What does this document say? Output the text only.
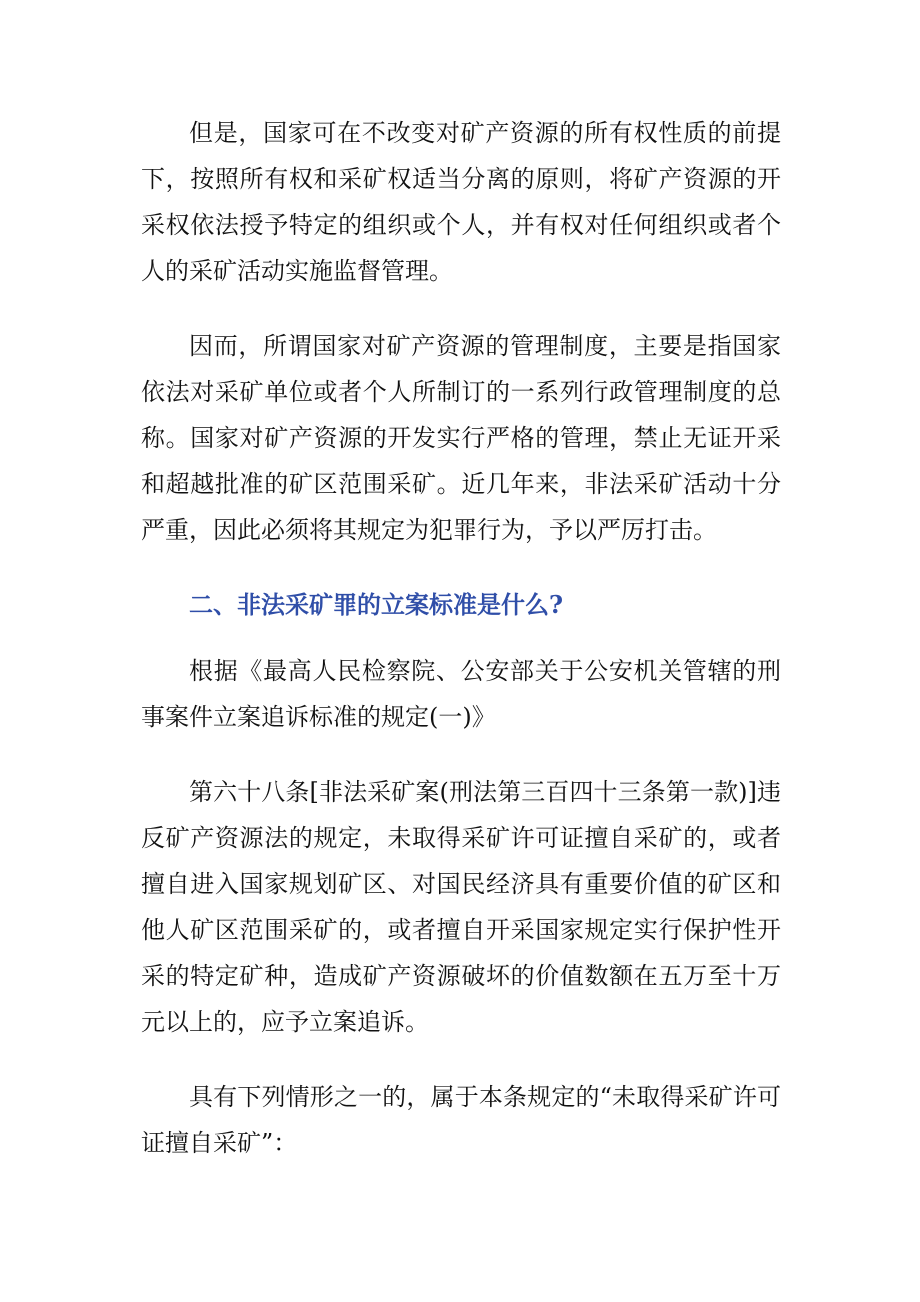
但是，国家可在不改变对矿产资源的所有权性质的前提下，按照所有权和采矿权适当分离的原则，将矿产资源的开采权依法授予特定的组织或个人，并有权对任何组织或者个人的采矿活动实施监督管理。

因而，所谓国家对矿产资源的管理制度，主要是指国家依法对采矿单位或者个人所制订的一系列行政管理制度的总称。国家对矿产资源的开发实行严格的管理，禁止无证开采和超越批准的矿区范围采矿。近几年来，非法采矿活动十分严重，因此必须将其规定为犯罪行为，予以严厉打击。

二、非法采矿罪的立案标准是什么?

根据《最高人民检察院、公安部关于公安机关管辖的刑事案件立案追诉标准的规定(一)》

第六十八条[非法采矿案(刑法第三百四十三条第一款)]违反矿产资源法的规定，未取得采矿许可证擅自采矿的，或者擅自进入国家规划矿区、对国民经济具有重要价值的矿区和他人矿区范围采矿的，或者擅自开采国家规定实行保护性开采的特定矿种，造成矿产资源破坏的价值数额在五万至十万元以上的，应予立案追诉。

具有下列情形之一的，属于本条规定的“未取得采矿许可证擅自采矿”：
